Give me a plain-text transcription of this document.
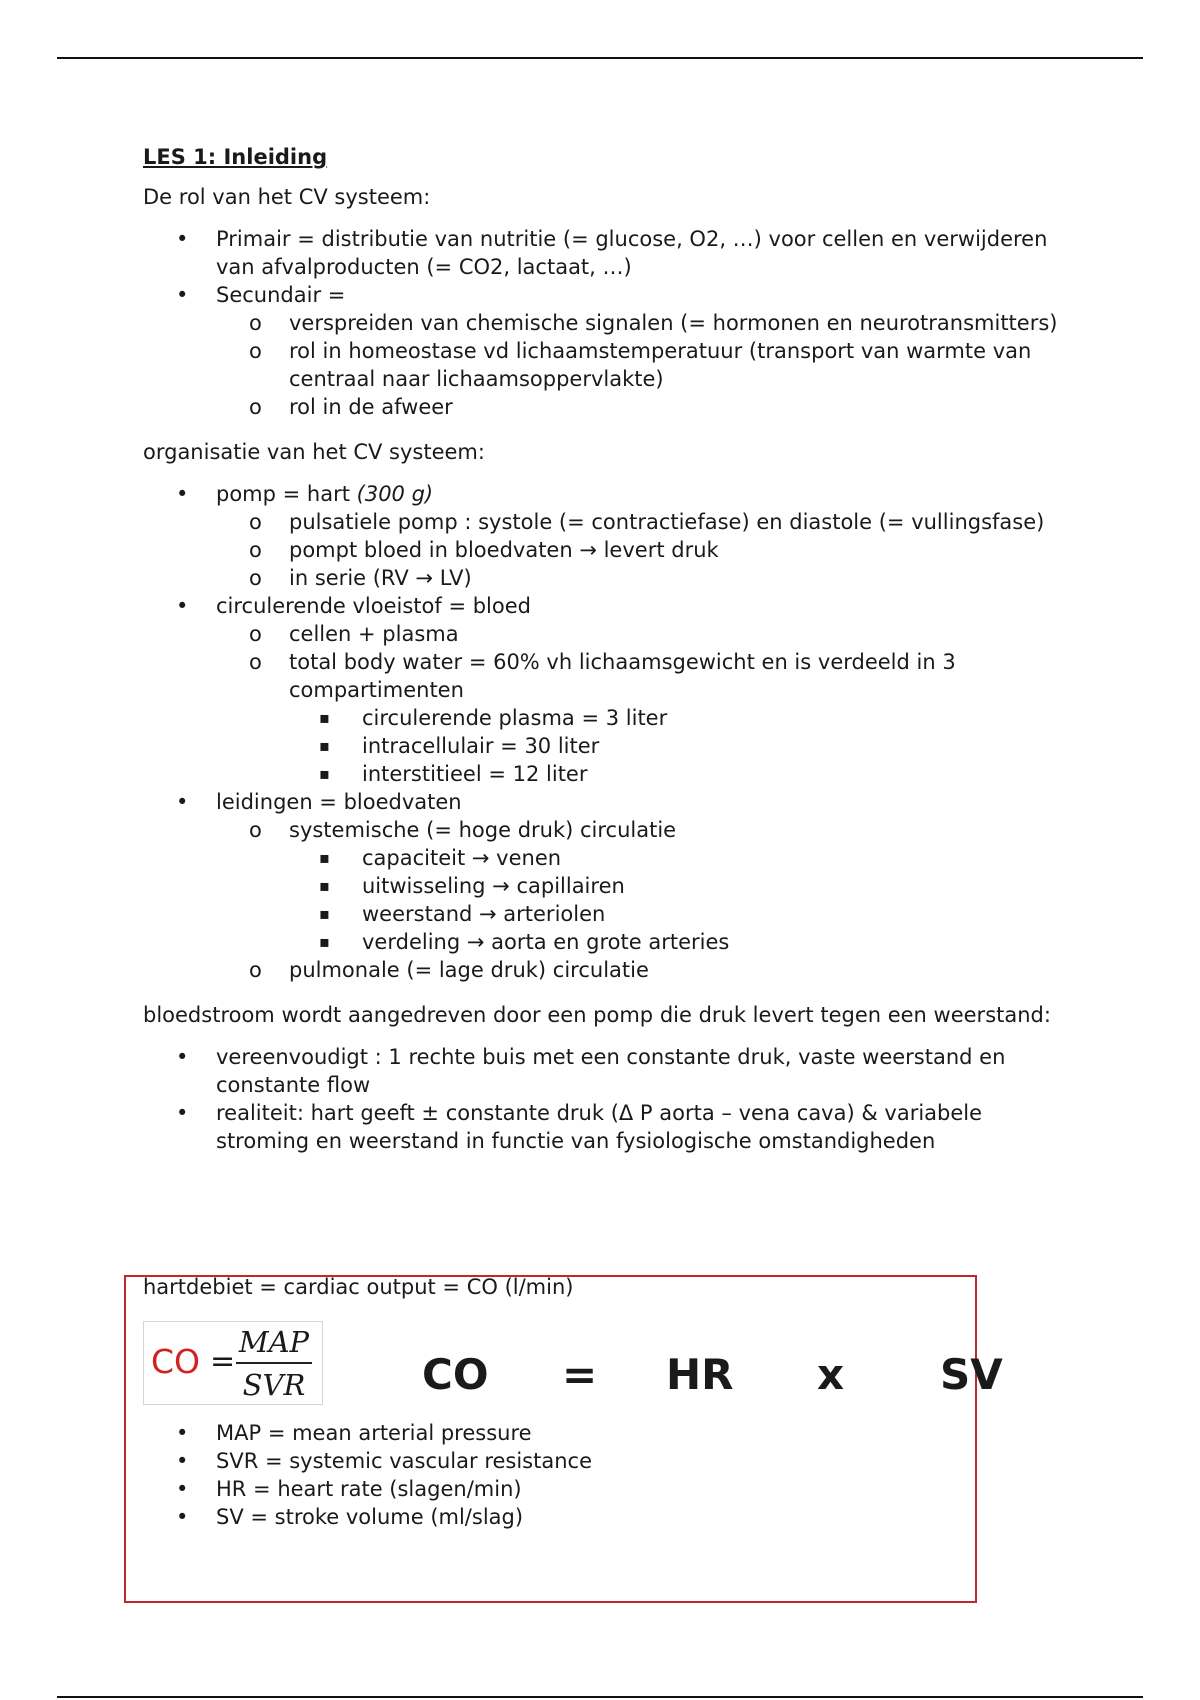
LES 1: Inleiding

De rol van het CV systeem:

• Primair = distributie van nutritie (= glucose, O2, …) voor cellen en verwijderen van afvalproducten (= CO2, lactaat, …)
• Secundair =
o verspreiden van chemische signalen (= hormonen en neurotransmitters)
o rol in homeostase vd lichaamstemperatuur (transport van warmte van centraal naar lichaamsoppervlakte)
o rol in de afweer

organisatie van het CV systeem:

• pomp = hart (300 g)
o pulsatiele pomp : systole (= contractiefase) en diastole (= vullingsfase)
o pompt bloed in bloedvaten → levert druk
o in serie (RV → LV)
• circulerende vloeistof = bloed
o cellen + plasma
o total body water = 60% vh lichaamsgewicht en is verdeeld in 3 compartimenten
▪ circulerende plasma = 3 liter
▪ intracellulair = 30 liter
▪ interstitieel = 12 liter
• leidingen = bloedvaten
o systemische (= hoge druk) circulatie
▪ capaciteit → venen
▪ uitwisseling → capillairen
▪ weerstand → arteriolen
▪ verdeling → aorta en grote arteries
o pulmonale (= lage druk) circulatie

bloedstroom wordt aangedreven door een pomp die druk levert tegen een weerstand:

• vereenvoudigt : 1 rechte buis met een constante druk, vaste weerstand en constante flow
• realiteit: hart geeft ± constante druk (Δ P aorta – vena cava) & variabele stroming en weerstand in functie van fysiologische omstandigheden
hartdebiet = cardiac output = CO (l/min)
CO =
MAP
SVR	CO = HR x SV
• MAP = mean arterial pressure
• SVR = systemic vascular resistance
• HR = heart rate (slagen/min)
• SV = stroke volume (ml/slag)
